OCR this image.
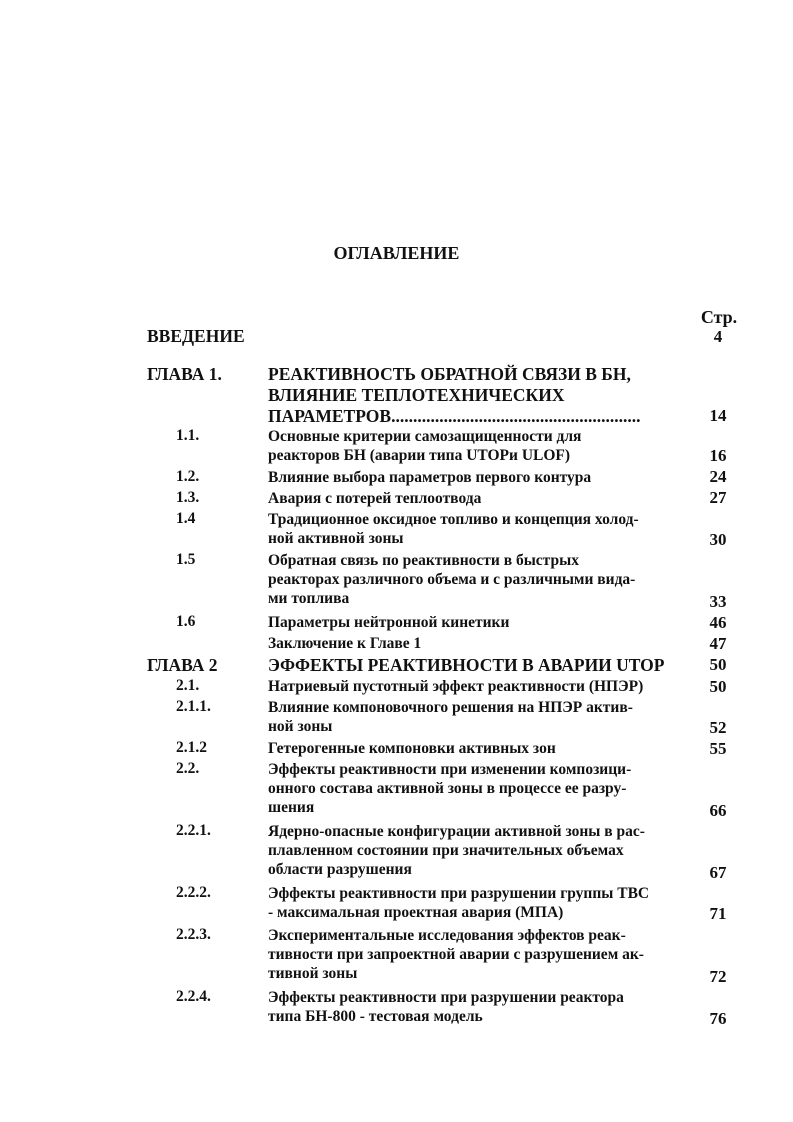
ОГЛАВЛЕНИЕ
Стр.
ВВЕДЕНИЕ	4
ГЛАВА 1.	РЕАКТИВНОСТЬ ОБРАТНОЙ СВЯЗИ В БН,
ВЛИЯНИЕ ТЕПЛОТЕХНИЧЕСКИХ
ПАРАМЕТРОВ.........................................................	14
1.1.	Основные критерии самозащищенности для
реакторов БН (аварии типа UTOPи ULOF)	16
1.2.	Влияние выбора параметров первого контура	24
1.3.	Авария с потерей теплоотвода	27
1.4	Традиционное оксидное топливо и концепция холод-
ной активной зоны	30
1.5	Обратная связь по реактивности в быстрых
реакторах различного объема и с различными вида-
ми топлива	33
1.6	Параметры нейтронной кинетики	46
Заключение к Главе 1	47
ГЛАВА 2	ЭФФЕКТЫ РЕАКТИВНОСТИ В АВАРИИ UTOP	50
2.1.	Натриевый пустотный эффект реактивности (НПЭР)	50
2.1.1.	Влияние компоновочного решения на НПЭР актив-
ной зоны	52
2.1.2	Гетерогенные компоновки активных зон	55
2.2.	Эффекты реактивности при изменении композици-
онного состава активной зоны в процессе ее разру-
шения	66
2.2.1.	Ядерно-опасные конфигурации активной зоны в рас-
плавленном состоянии при значительных объемах
области разрушения	67
2.2.2.	Эффекты реактивности при разрушении группы ТВС
- максимальная проектная авария (МПА)	71
2.2.3.	Экспериментальные исследования эффектов реак-
тивности при запроектной аварии с разрушением ак-
тивной зоны	72
2.2.4.	Эффекты реактивности при разрушении реактора
типа БН-800 - тестовая модель	76
